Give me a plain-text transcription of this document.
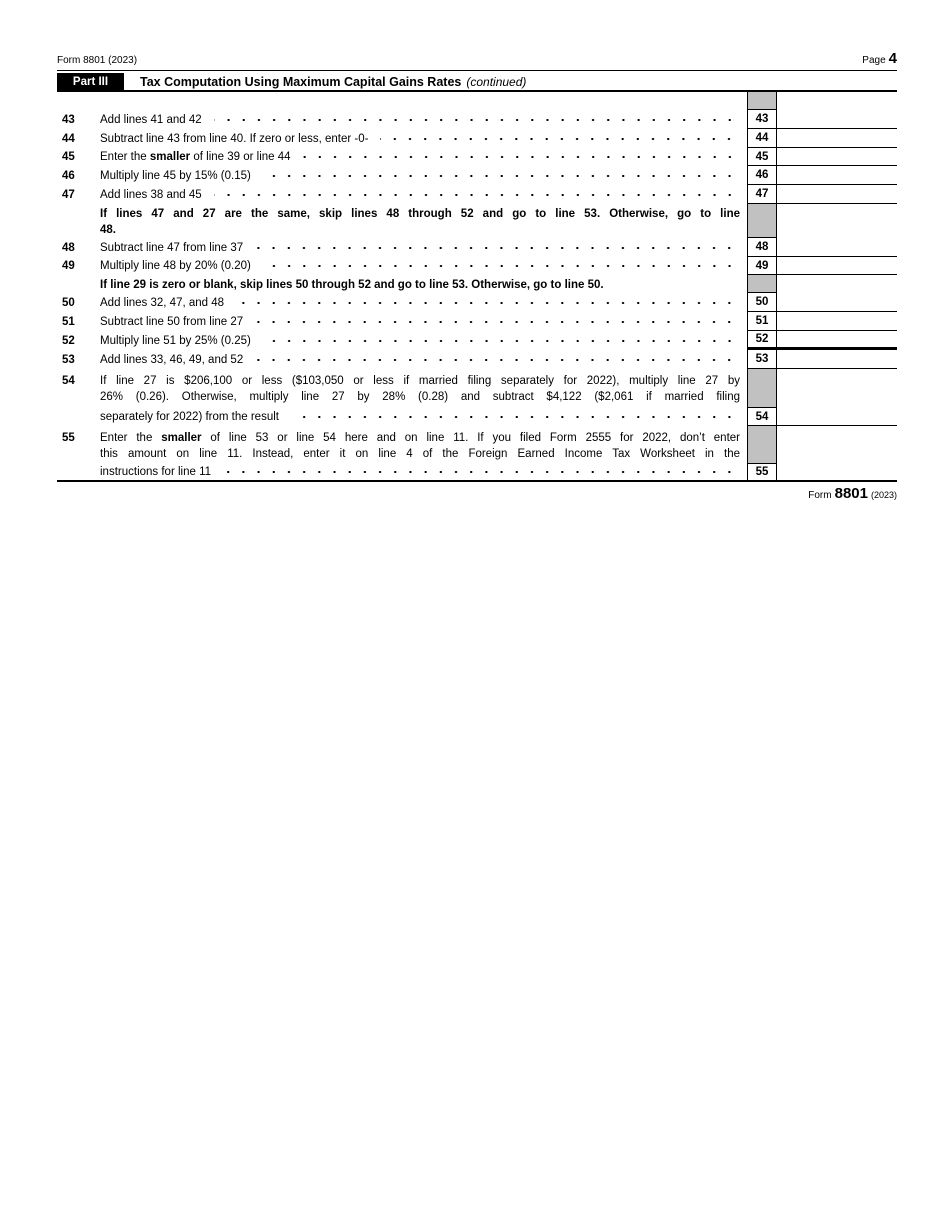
Form 8801 (2023)	Page 4
Part III	Tax Computation Using Maximum Capital Gains Rates (continued)
43	Add lines 41 and 42	43
44	Subtract line 43 from line 40. If zero or less, enter -0-	44
45	Enter the smaller of line 39 or line 44	45
46	Multiply line 45 by 15% (0.15)	46
47	Add lines 38 and 45	47
If lines 47 and 27 are the same, skip lines 48 through 52 and go to line 53. Otherwise, go to line
48.
48	Subtract line 47 from line 37	48
49	Multiply line 48 by 20% (0.20)	49
If line 29 is zero or blank, skip lines 50 through 52 and go to line 53. Otherwise, go to line 50.
50	Add lines 32, 47, and 48	50
51	Subtract line 50 from line 27	51
52	Multiply line 51 by 25% (0.25)	52
53	Add lines 33, 46, 49, and 52	53
54 If line 27 is $206,100 or less ($103,050 or less if married filing separately for 2022), multiply line 27 by
26% (0.26). Otherwise, multiply line 27 by 28% (0.28) and subtract $4,122 ($2,061 if married filing
separately for 2022) from the result	54
55 Enter the smaller of line 53 or line 54 here and on line 11. If you filed Form 2555 for 2022, don’t enter
this amount on line 11. Instead, enter it on line 4 of the Foreign Earned Income Tax Worksheet in the
instructions for line 11	55
Form 8801 (2023)
